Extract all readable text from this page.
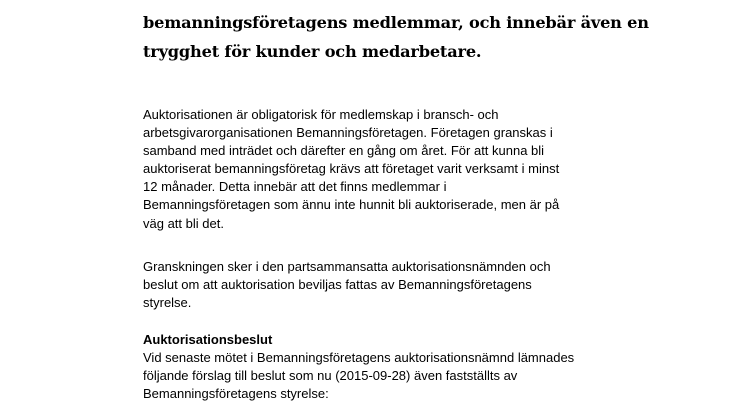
bemanningsföretagens medlemmar, och innebär även en
trygghet för kunder och medarbetare.
Auktorisationen är obligatorisk för medlemskap i bransch- och
arbetsgivarorganisationen Bemanningsföretagen. Företagen granskas i
samband med inträdet och därefter en gång om året. För att kunna bli
auktoriserat bemanningsföretag krävs att företaget varit verksamt i minst
12 månader. Detta innebär att det finns medlemmar i
Bemanningsföretagen som ännu inte hunnit bli auktoriserade, men är på
väg att bli det.
Granskningen sker i den partsammansatta auktorisationsnämnden och
beslut om att auktorisation beviljas fattas av Bemanningsföretagens
styrelse.
Auktorisationsbeslut
Vid senaste mötet i Bemanningsföretagens auktorisationsnämnd lämnades
följande förslag till beslut som nu (2015-09-28) även fastställts av
Bemanningsföretagens styrelse:
